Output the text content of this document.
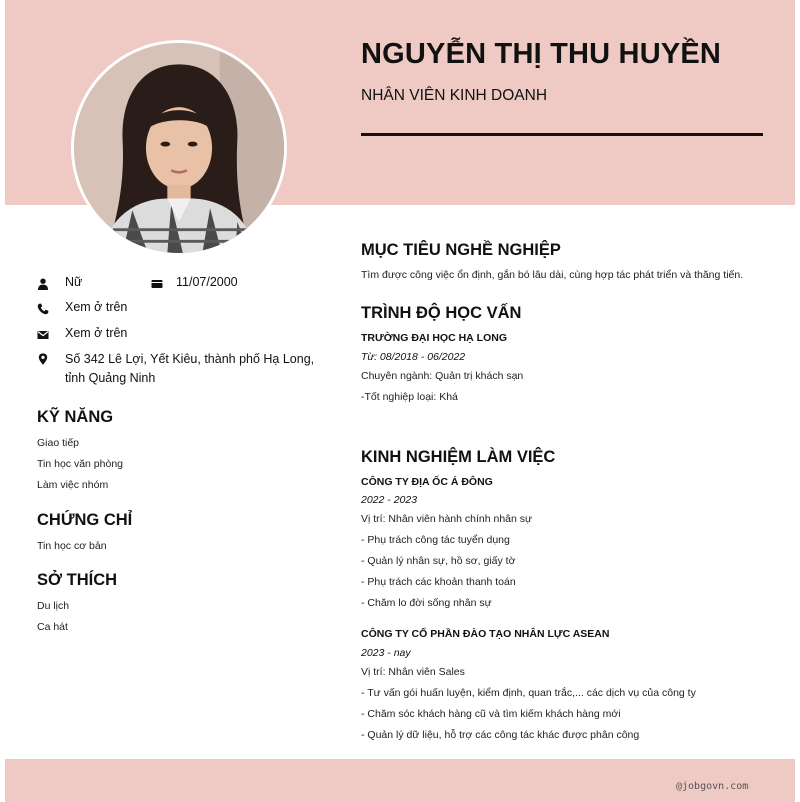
NGUYỄN THỊ THU HUYỀN
NHÂN VIÊN KINH DOANH
Nữ	11/07/2000
Xem ở trên
Xem ở trên
Số 342 Lê Lợi, Yết Kiêu, thành phố Hạ Long, tỉnh Quảng Ninh
KỸ NĂNG
Giao tiếp
Tin học văn phòng
Làm việc nhóm
CHỨNG CHỈ
Tin học cơ bản
SỞ THÍCH
Du lịch
Ca hát
MỤC TIÊU NGHỀ NGHIỆP
Tìm được công việc ổn định, gắn bó lâu dài, cùng hợp tác phát triển và thăng tiến.
TRÌNH ĐỘ HỌC VẤN
TRƯỜNG ĐẠI HỌC HẠ LONG
Từ: 08/2018 - 06/2022
Chuyên ngành: Quản trị khách sạn
-Tốt nghiệp loại: Khá
KINH NGHIỆM LÀM VIỆC
CÔNG TY ĐỊA ỐC Á ĐÔNG
2022 - 2023
Vị trí: Nhân viên hành chính nhân sự
- Phụ trách công tác tuyển dụng
- Quản lý nhân sự, hồ sơ, giấy tờ
- Phụ trách các khoản thanh toán
- Chăm lo đời sống nhân sự
CÔNG TY CỔ PHẦN ĐÀO TẠO NHÂN LỰC ASEAN
2023 - nay
Vị trí: Nhân viên Sales
- Tư vấn gói huấn luyện, kiểm định, quan trắc,... các dịch vụ của công ty
- Chăm sóc khách hàng cũ và tìm kiếm khách hàng mới
- Quản lý dữ liệu, hỗ trợ các công tác khác được phân công
@jobgovn.com
